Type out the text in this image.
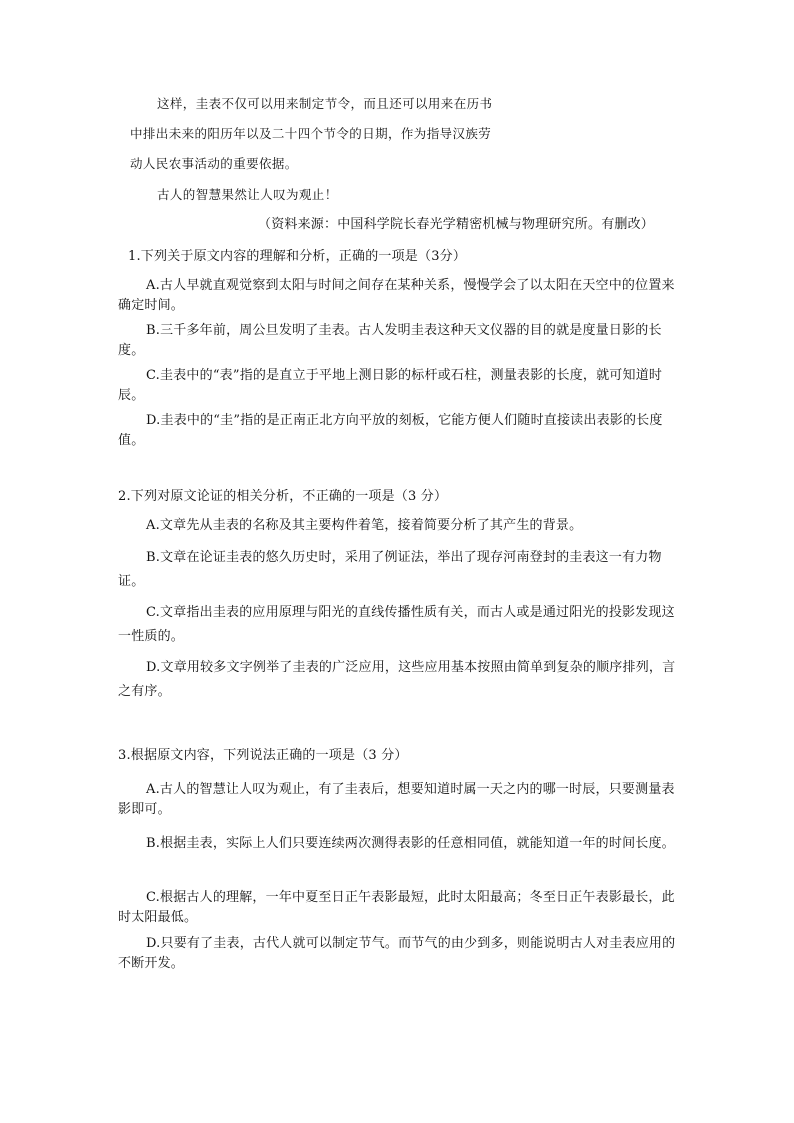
这样，圭表不仅可以用来制定节令，而且还可以用来在历书
中排出未来的阳历年以及二十四个节令的日期，作为指导汉族劳
动人民农事活动的重要依据。
古人的智慧果然让人叹为观止！
（资料来源：中国科学院长春光学精密机械与物理研究所。有删改）
1.下列关于原文内容的理解和分析，正确的一项是（3分）
A.古人早就直观觉察到太阳与时间之间存在某种关系，慢慢学会了以太阳在天空中的位置来确定时间。
B.三千多年前，周公旦发明了圭表。古人发明圭表这种天文仪器的目的就是度量日影的长度。
C.圭表中的“表”指的是直立于平地上测日影的标杆或石柱，测量表影的长度，就可知道时辰。
D.圭表中的“圭”指的是正南正北方向平放的刻板，它能方便人们随时直接读出表影的长度值。
2.下列对原文论证的相关分析，不正确的一项是（3 分）
A.文章先从圭表的名称及其主要构件着笔，接着简要分析了其产生的背景。
B.文章在论证圭表的悠久历史时，采用了例证法，举出了现存河南登封的圭表这一有力物证。
C.文章指出圭表的应用原理与阳光的直线传播性质有关，而古人或是通过阳光的投影发现这一性质的。
D.文章用较多文字例举了圭表的广泛应用，这些应用基本按照由简单到复杂的顺序排列，言之有序。
3.根据原文内容，下列说法正确的一项是（3 分）
A.古人的智慧让人叹为观止，有了圭表后，想要知道时属一天之内的哪一时辰，只要测量表影即可。
B.根据圭表，实际上人们只要连续两次测得表影的任意相同值，就能知道一年的时间长度。
C.根据古人的理解，一年中夏至日正午表影最短，此时太阳最高；冬至日正午表影最长，此时太阳最低。
D.只要有了圭表，古代人就可以制定节气。而节气的由少到多，则能说明古人对圭表应用的不断开发。
